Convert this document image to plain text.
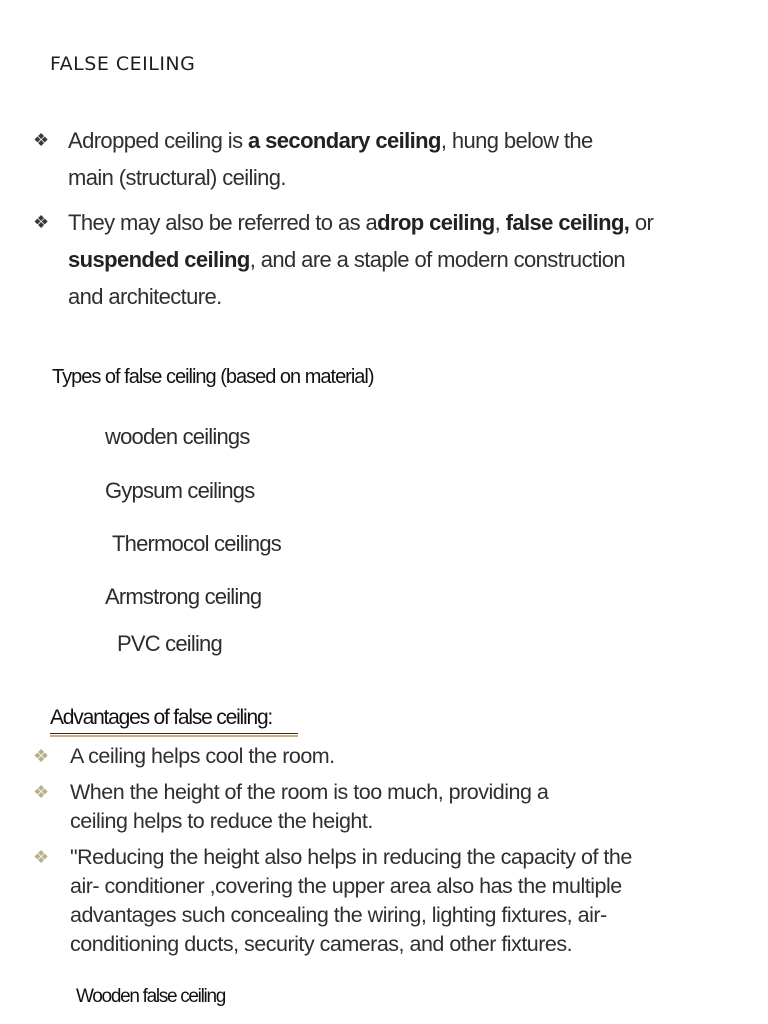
FALSE CEILING
❖ Adropped ceiling is a secondary ceiling, hung below the
main (structural) ceiling.
❖ They may also be referred to as adrop ceiling, false ceiling, or
suspended ceiling, and are a staple of modern construction
and architecture.
Types of false ceiling (based on material)
wooden ceilings
Gypsum ceilings
Thermocol ceilings
Armstrong ceiling
PVC ceiling
Advantages of false ceiling:
❖ A ceiling helps cool the room.
❖ When the height of the room is too much, providing a
ceiling helps to reduce the height.
❖ "Reducing the height also helps in reducing the capacity of the
air- conditioner ,covering the upper area also has the multiple
advantages such concealing the wiring, lighting fixtures, air-
conditioning ducts, security cameras, and other fixtures.
Wooden false ceiling
